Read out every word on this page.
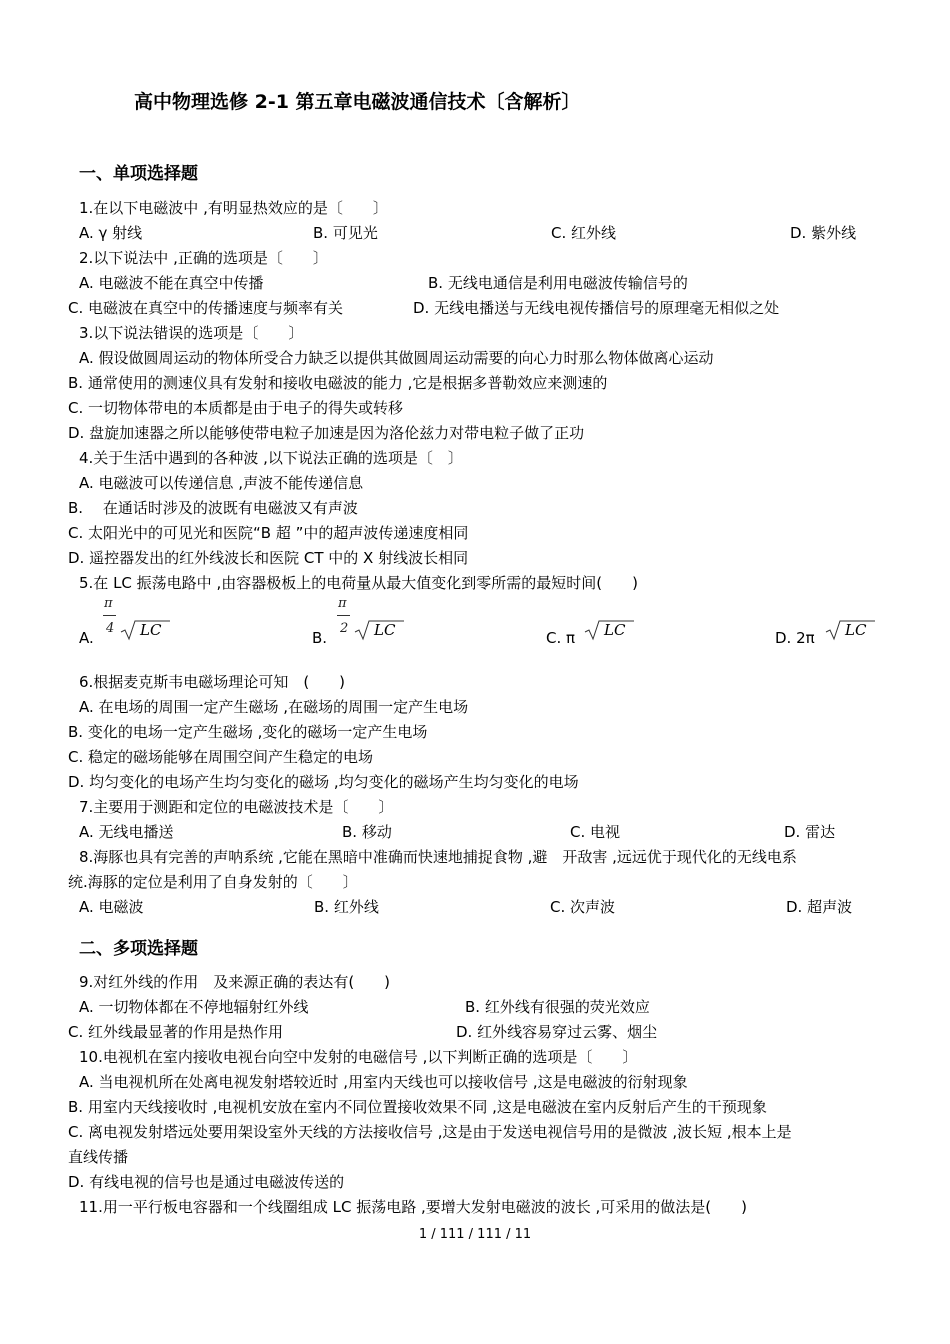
高中物理选修 2-1 第五章电磁波通信技术〔含解析〕
一、单项选择题
1.在以下电磁波中 ,有明显热效应的是〔　　〕
A. γ 射线	B. 可见光	C. 红外线	D. 紫外线
2.以下说法中 ,正确的选项是〔　　〕
A. 电磁波不能在真空中传播	B. 无线电通信是利用电磁波传输信号的
C. 电磁波在真空中的传播速度与频率有关	D. 无线电播送与无线电视传播信号的原理毫无相似之处
3.以下说法错误的选项是〔　　〕
A. 假设做圆周运动的物体所受合力缺乏以提供其做圆周运动需要的向心力时那么物体做离心运动
B. 通常使用的测速仪具有发射和接收电磁波的能力 ,它是根据多普勒效应来测速的
C. 一切物体带电的本质都是由于电子的得失或转移
D. 盘旋加速器之所以能够使带电粒子加速是因为洛伦兹力对带电粒子做了正功
4.关于生活中遇到的各种波 ,以下说法正确的选项是〔　〕
A. 电磁波可以传递信息 ,声波不能传递信息
B.　 在通话时涉及的波既有电磁波又有声波
C. 太阳光中的可见光和医院“B 超 ”中的超声波传递速度相同
D. 遥控器发出的红外线波长和医院 CT 中的 X 射线波长相同
5.在 LC 振荡电路中 ,由容器极板上的电荷量从最大值变化到零所需的最短时间(　　)
A.
π
4 LC	B.
π
2 LC	C. π LC	D. 2π LC
6.根据麦克斯韦电磁场理论可知　(　　)
A. 在电场的周围一定产生磁场 ,在磁场的周围一定产生电场
B. 变化的电场一定产生磁场 ,变化的磁场一定产生电场
C. 稳定的磁场能够在周围空间产生稳定的电场
D. 均匀变化的电场产生均匀变化的磁场 ,均匀变化的磁场产生均匀变化的电场
7.主要用于测距和定位的电磁波技术是〔　　〕
A. 无线电播送	B. 移动	C. 电视	D. 雷达
8.海豚也具有完善的声呐系统 ,它能在黑暗中准确而快速地捕捉食物 ,避　开敌害 ,远远优于现代化的无线电系
统.海豚的定位是利用了自身发射的〔　　〕
A. 电磁波	B. 红外线	C. 次声波	D. 超声波
二、多项选择题
9.对红外线的作用　及来源正确的表达有(　　)
A. 一切物体都在不停地辐射红外线	B. 红外线有很强的荧光效应
C. 红外线最显著的作用是热作用	D. 红外线容易穿过云雾、烟尘
10.电视机在室内接收电视台向空中发射的电磁信号 ,以下判断正确的选项是〔　　〕
A. 当电视机所在处离电视发射塔较近时 ,用室内天线也可以接收信号 ,这是电磁波的衍射现象
B. 用室内天线接收时 ,电视机安放在室内不同位置接收效果不同 ,这是电磁波在室内反射后产生的干预现象
C. 离电视发射塔远处要用架设室外天线的方法接收信号 ,这是由于发送电视信号用的是微波 ,波长短 ,根本上是
直线传播
D. 有线电视的信号也是通过电磁波传送的
11.用一平行板电容器和一个线圈组成 LC 振荡电路 ,要增大发射电磁波的波长 ,可采用的做法是(　　)
1 / 111 / 111 / 11
